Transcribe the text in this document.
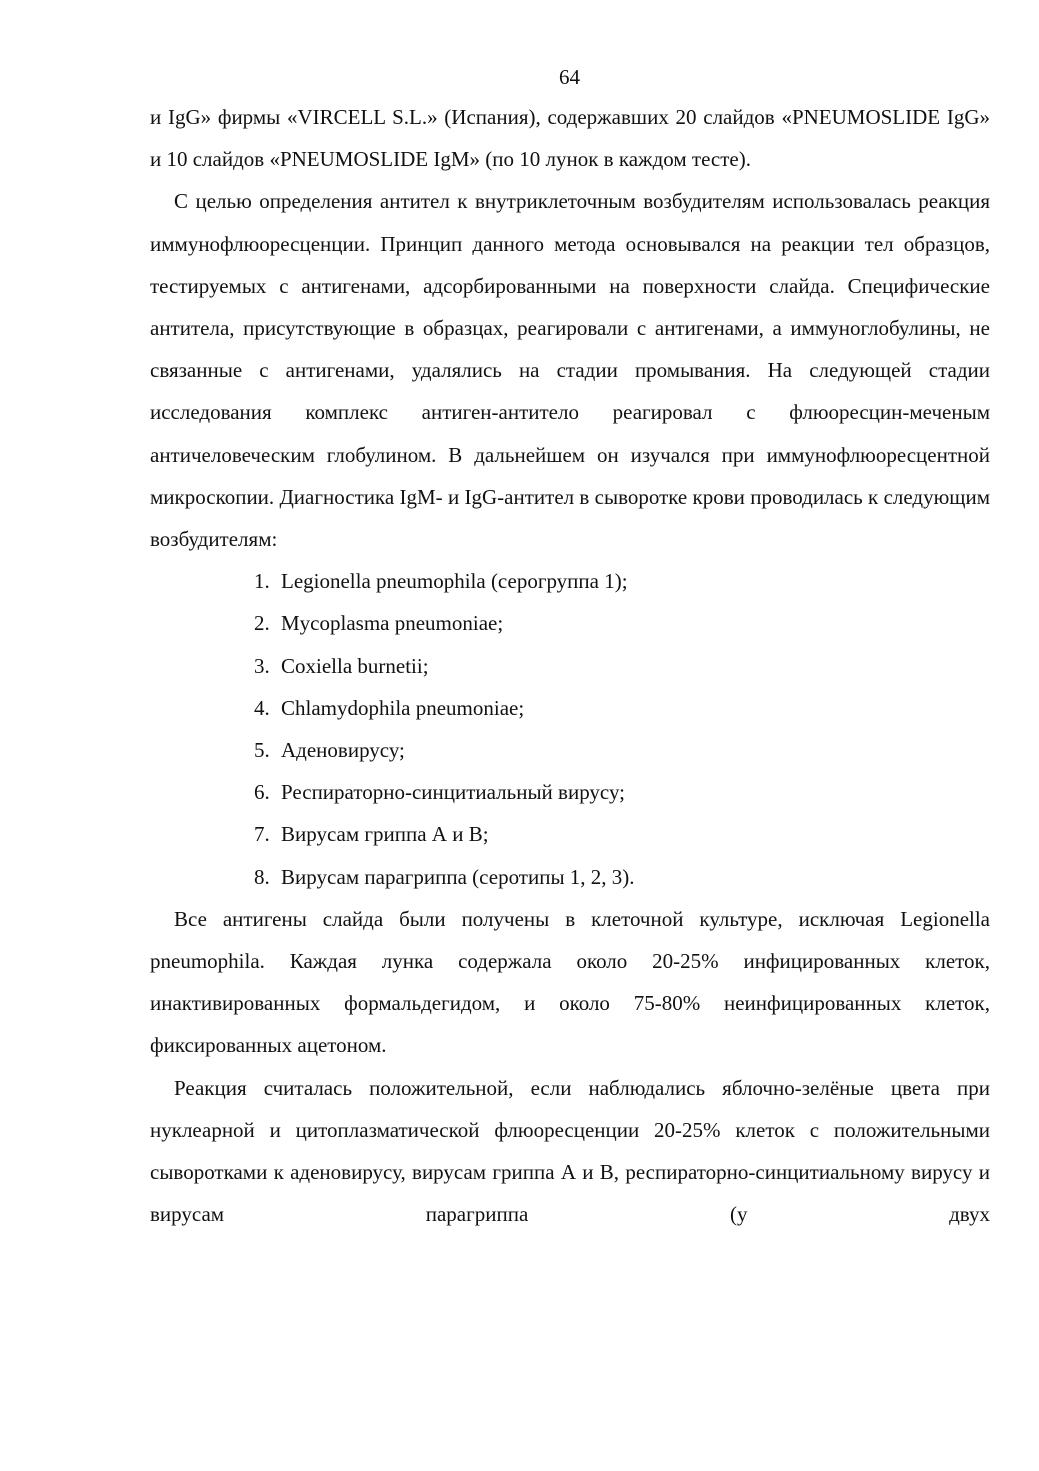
64

и IgG» фирмы «VIRCELL S.L.» (Испания), содержавших 20 слайдов «PNEUMOSLIDE IgG» и 10 слайдов «PNEUMOSLIDE IgM» (по 10 лунок в каждом тесте).

С целью определения антител к внутриклеточным возбудителям использовалась реакция иммунофлюоресценции. Принцип данного метода основывался на реакции тел образцов, тестируемых с антигенами, адсорбированными на поверхности слайда. Специфические антитела, присутствующие в образцах, реагировали с антигенами, а иммуноглобулины, не связанные с антигенами, удалялись на стадии промывания. На следующей стадии исследования комплекс антиген-антитело реагировал с флюоресцин-меченым античеловеческим глобулином. В дальнейшем он изучался при иммунофлюоресцентной микроскопии. Диагностика IgM- и IgG-антител в сыворотке крови проводилась к следующим возбудителям:

1. Legionella pneumophila (серогруппа 1);
2. Mycoplasma pneumoniae;
3. Coxiella burnetii;
4. Chlamydophila pneumoniae;
5. Аденовирусу;
6. Респираторно-синцитиальный вирусу;
7. Вирусам гриппа А и В;
8. Вирусам парагриппа (серотипы 1, 2, 3).

Все антигены слайда были получены в клеточной культуре, исключая Legionella pneumophila. Каждая лунка содержала около 20-25% инфицированных клеток, инактивированных формальдегидом, и около 75-80% неинфицированных клеток, фиксированных ацетоном.

Реакция считалась положительной, если наблюдались яблочно-зелёные цвета при нуклеарной и цитоплазматической флюоресценции 20-25% клеток с положительными сыворотками к аденовирусу, вирусам гриппа А и В, респираторно-синцитиальному вирусу и вирусам парагриппа (у двух
